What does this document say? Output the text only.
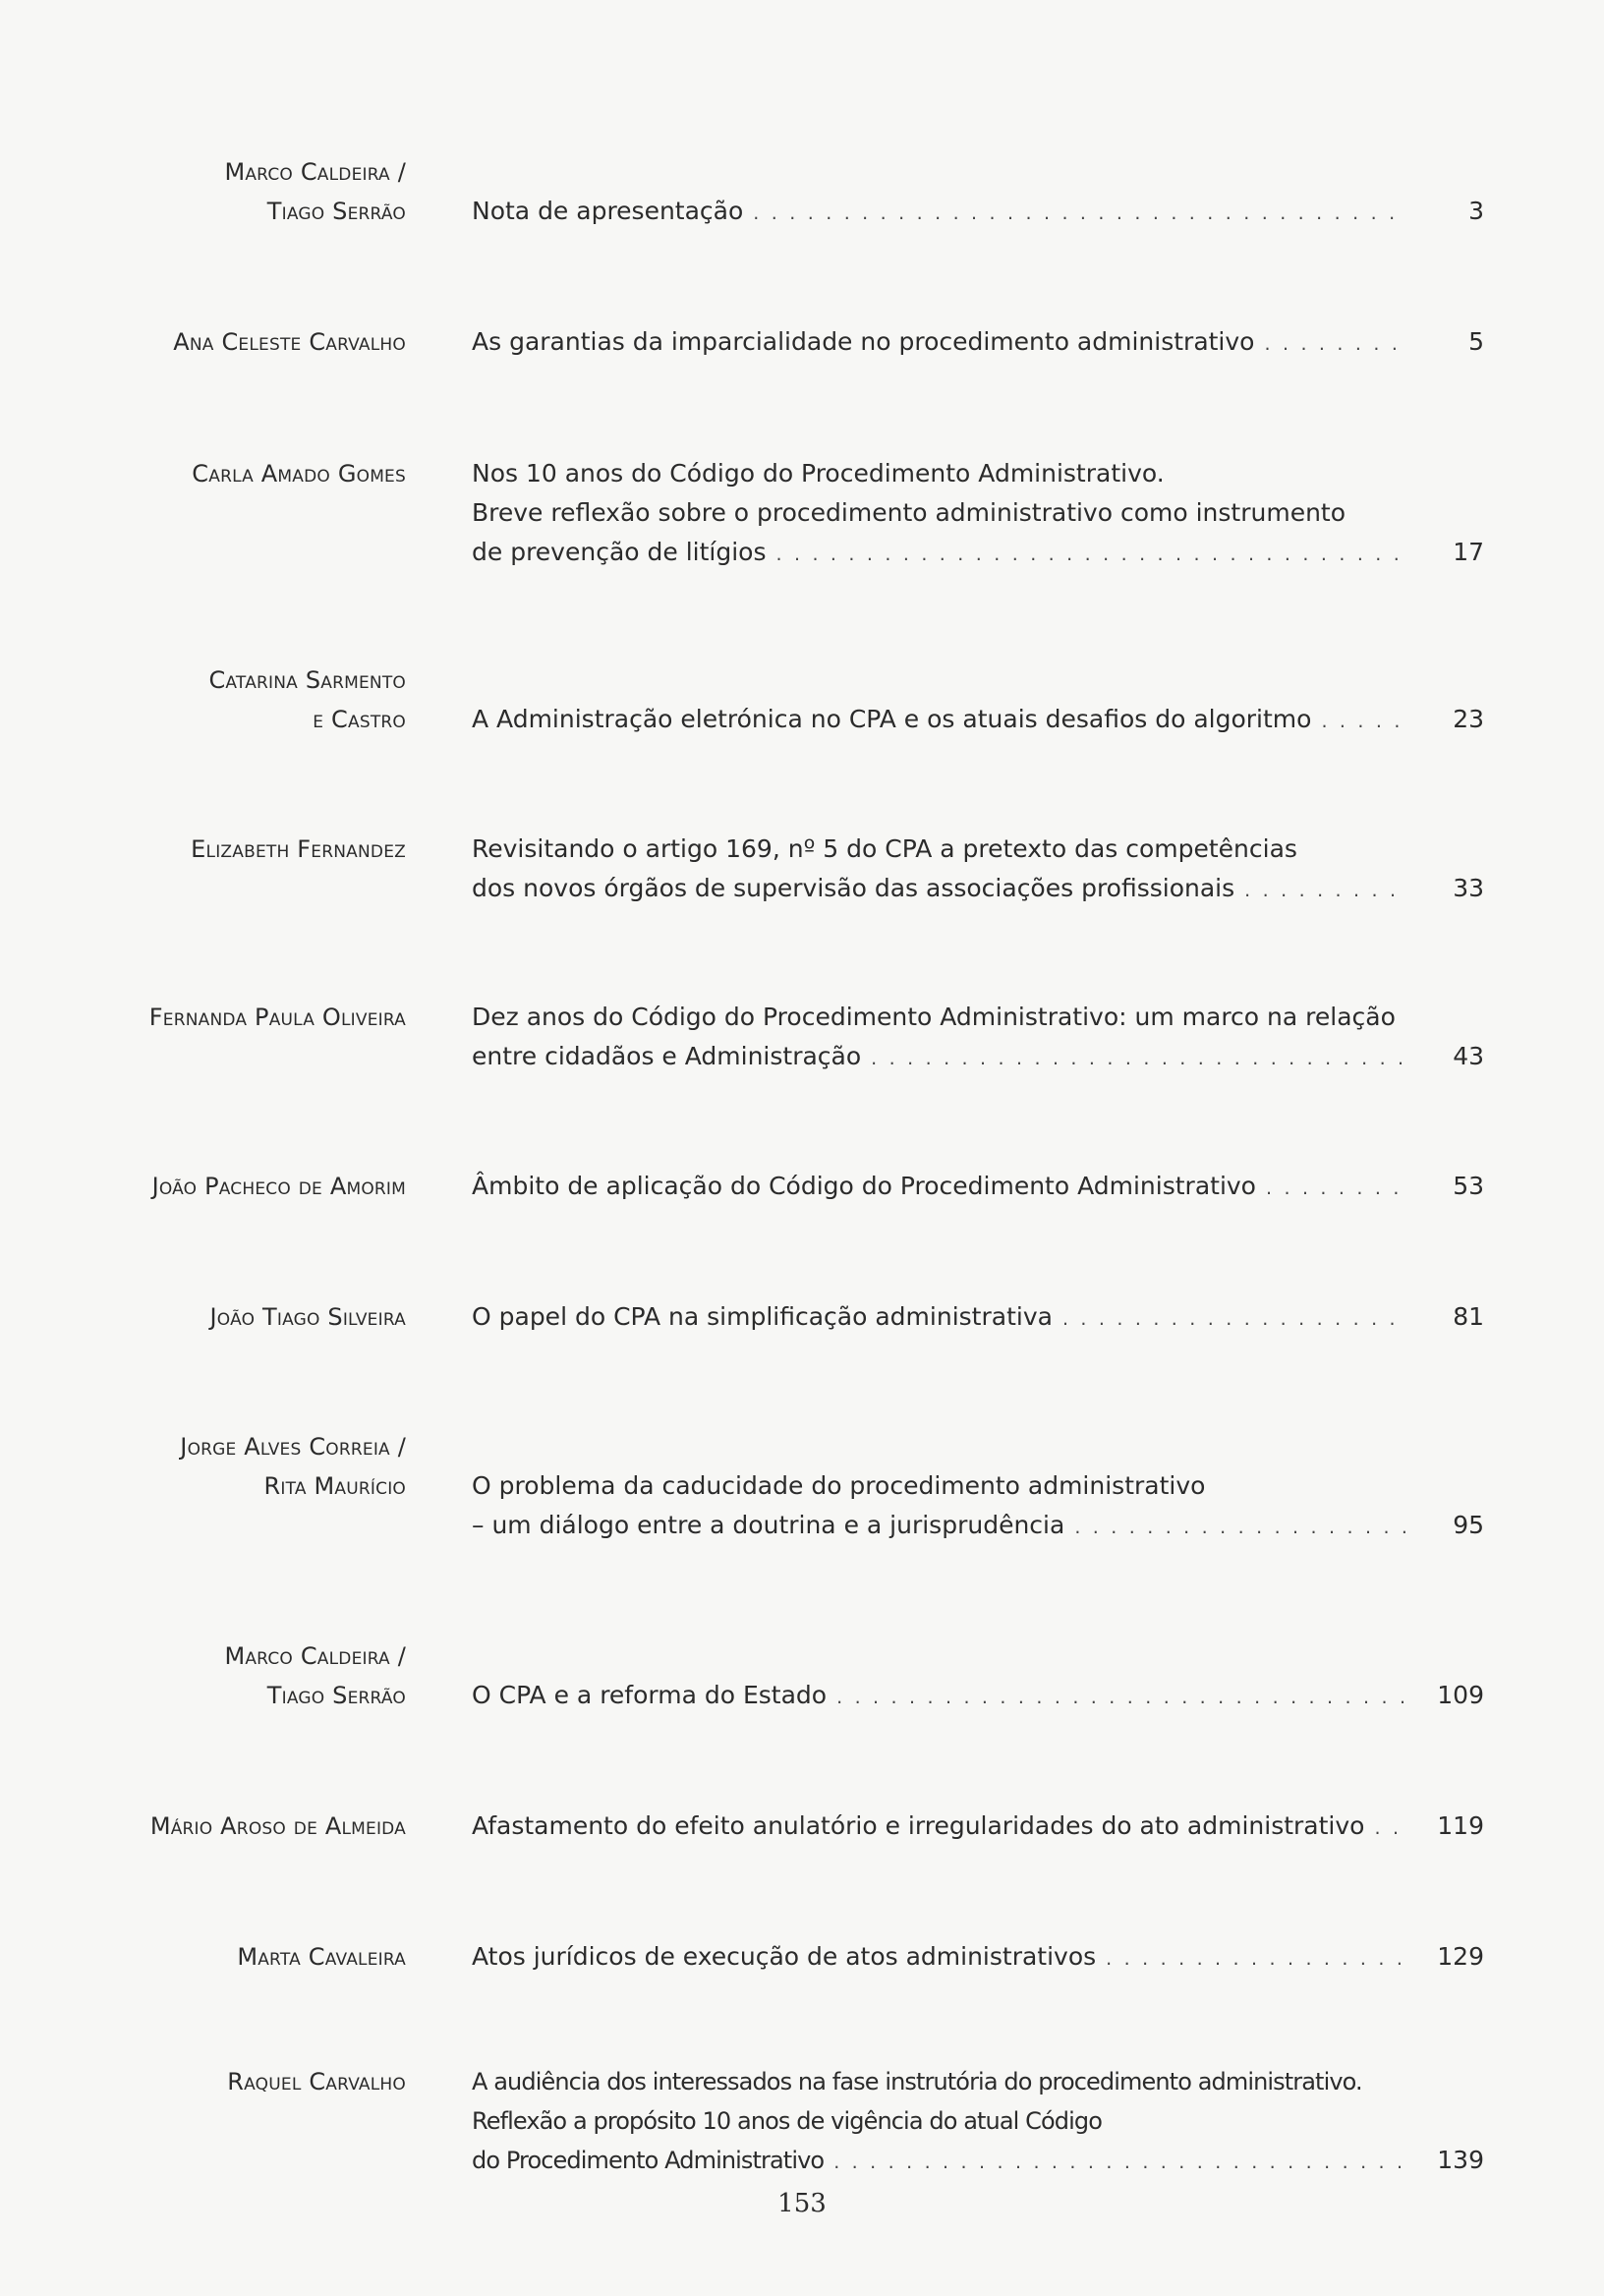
Marco Caldeira /
Tiago Serrão	Nota de apresentação . . .	3
Ana Celeste Carvalho	As garantias da imparcialidade no procedimento administrativo . . .	5
Carla Amado Gomes	Nos 10 anos do Código do Procedimento Administrativo.
Breve reflexão sobre o procedimento administrativo como instrumento
de prevenção de litígios . . .	17
Catarina Sarmento
e Castro	A Administração eletrónica no CPA e os atuais desafios do algoritmo . . .	23
Elizabeth Fernandez	Revisitando o artigo 169, nº 5 do CPA a pretexto das competências
dos novos órgãos de supervisão das associações profissionais . . .	33
Fernanda Paula Oliveira	Dez anos do Código do Procedimento Administrativo: um marco na relação
entre cidadãos e Administração . . .	43
João Pacheco de Amorim	Âmbito de aplicação do Código do Procedimento Administrativo . . .	53
João Tiago Silveira	O papel do CPA na simplificação administrativa . . .	81
Jorge Alves Correia /
Rita Maurício	O problema da caducidade do procedimento administrativo
– um diálogo entre a doutrina e a jurisprudência . . .	95
Marco Caldeira /
Tiago Serrão	O CPA e a reforma do Estado . . .	109
Mário Aroso de Almeida	Afastamento do efeito anulatório e irregularidades do ato administrativo . . .	119
Marta Cavaleira	Atos jurídicos de execução de atos administrativos . . .	129
Raquel Carvalho	A audiência dos interessados na fase instrutória do procedimento administrativo.
Reflexão a propósito 10 anos de vigência do atual Código
do Procedimento Administrativo . . .	139
153
